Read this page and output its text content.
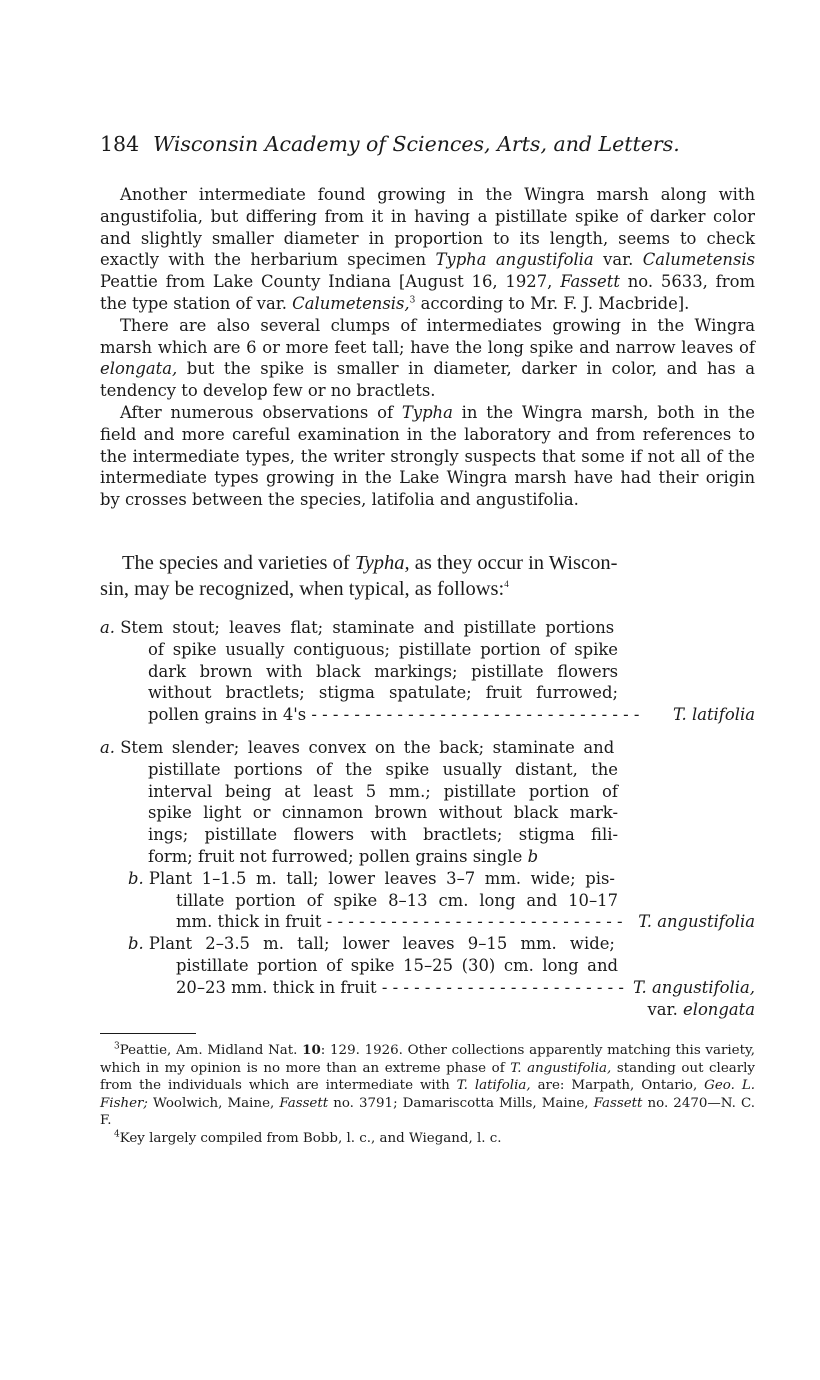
184 Wisconsin Academy of Sciences, Arts, and Letters.

Another intermediate found growing in the Wingra marsh along with angustifolia, but differing from it in having a pistillate spike of darker color and slightly smaller diameter in proportion to its length, seems to check exactly with the herbarium specimen Typha angustifolia var. Calumetensis Peattie from Lake County Indiana [August 16, 1927, Fassett no. 5633, from the type station of var. Calumetensis,$^3$ according to Mr. F. J. Macbride].

There are also several clumps of intermediates growing in the Wingra marsh which are 6 or more feet tall; have the long spike and narrow leaves of elongata, but the spike is smaller in diameter, darker in color, and has a tendency to develop few or no bractlets.

After numerous observations of Typha in the Wingra marsh, both in the field and more careful examination in the laboratory and from references to the intermediate types, the writer strongly suspects that some if not all of the intermediate types growing in the Lake Wingra marsh have had their origin by crosses between the species, latifolia and angustifolia.

The species and varieties of Typha, as they occur in Wiscon-
sin, may be recognized, when typical, as follows:$^4$
a. Stem stout; leaves flat; staminate and pistillate portions
of spike usually contiguous; pistillate portion of spike
dark brown with black markings; pistillate flowers
without bractlets; stigma spatulate; fruit furrowed;
pollen grains in 4's - - - - - - - - - - - - - - - - - - - - - - - - - - - - - - -	T. latifolia
a. Stem slender; leaves convex on the back; staminate and
pistillate portions of the spike usually distant, the
interval being at least 5 mm.; pistillate portion of
spike light or cinnamon brown without black mark-
ings; pistillate flowers with bractlets; stigma fili-
form; fruit not furrowed; pollen grains single b
b. Plant 1–1.5 m. tall; lower leaves 3–7 mm. wide; pis-
tillate portion of spike 8–13 cm. long and 10–17
mm. thick in fruit - - - - - - - - - - - - - - - - - - - - - - - - - - - - T. angustifolia
b. Plant 2–3.5 m. tall; lower leaves 9–15 mm. wide;
pistillate portion of spike 15–25 (30) cm. long and
20–23 mm. thick in fruit - - - - - - - - - - - - - - - - - - - - - - - T. angustifolia,
var. elongata

$^3$Peattie, Am. Midland Nat. 10: 129. 1926. Other collections apparently matching this variety, which in my opinion is no more than an extreme phase of T. angustifolia, standing out clearly from the individuals which are intermediate with T. latifolia, are: Marpath, Ontario, Geo. L. Fisher; Woolwich, Maine, Fassett no. 3791; Damariscotta Mills, Maine, Fassett no. 2470—N. C. F.

$^4$Key largely compiled from Bobb, l. c., and Wiegand, l. c.
